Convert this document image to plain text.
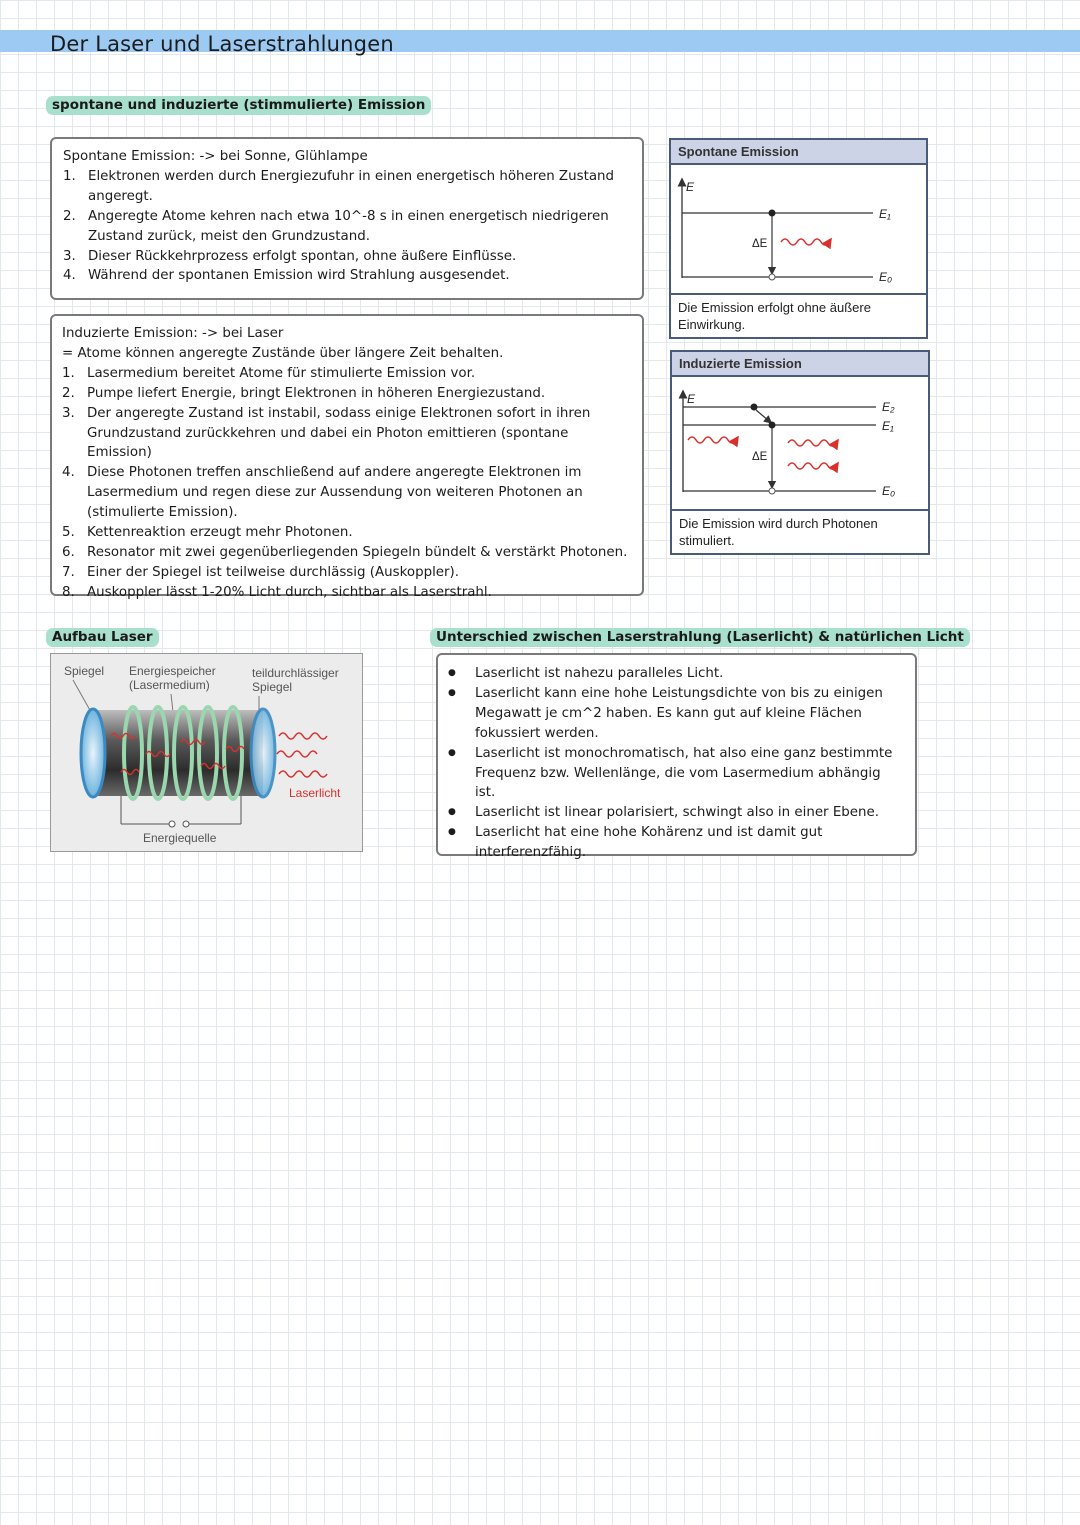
Der Laser und Laserstrahlungen
spontane und induzierte (stimmulierte) Emission

Spontane Emission: -> bei Sonne, Glühlampe

1. Elektronen werden durch Energiezufuhr in einen energetisch höheren Zustand angeregt.
2. Angeregte Atome kehren nach etwa 10^-8 s in einen energetisch niedrigeren Zustand zurück, meist den Grundzustand.
3. Dieser Rückkehrprozess erfolgt spontan, ohne äußere Einflüsse.
4. Während der spontanen Emission wird Strahlung ausgesendet.

Induzierte Emission: -> bei Laser

= Atome können angeregte Zustände über längere Zeit behalten.

1. Lasermedium bereitet Atome für stimulierte Emission vor.
2. Pumpe liefert Energie, bringt Elektronen in höheren Energiezustand.
3. Der angeregte Zustand ist instabil, sodass einige Elektronen sofort in ihren Grundzustand zurückkehren und dabei ein Photon emittieren (spontane Emission)
4. Diese Photonen treffen anschließend auf andere angeregte Elektronen im Lasermedium und regen diese zur Aussendung von weiteren Photonen an (stimulierte Emission).
5. Kettenreaktion erzeugt mehr Photonen.
6. Resonator mit zwei gegenüberliegenden Spiegeln bündelt & verstärkt Photonen.
7. Einer der Spiegel ist teilweise durchlässig (Auskoppler).
8. Auskoppler lässt 1-20% Licht durch, sichtbar als Laserstrahl.
Spontane Emission
E
E₁
E₀
ΔE
Die Emission erfolgt ohne äußere Einwirkung.
Induzierte Emission
E
E₂
E₁
E₀
ΔE
Die Emission wird durch Photonen stimuliert.
Aufbau Laser
Spiegel Energiespeicher
(Lasermedium)
teildurchlässiger
Spiegel
Laserlicht
Energiequelle
Unterschied zwischen Laserstrahlung (Laserlicht) & natürlichen Licht
● Laserlicht ist nahezu paralleles Licht.
● Laserlicht kann eine hohe Leistungsdichte von bis zu einigen Megawatt je cm^2 haben. Es kann gut auf kleine Flächen fokussiert werden.
● Laserlicht ist monochromatisch, hat also eine ganz bestimmte Frequenz bzw. Wellenlänge, die vom Lasermedium abhängig ist.
● Laserlicht ist linear polarisiert, schwingt also in einer Ebene.
● Laserlicht hat eine hohe Kohärenz und ist damit gut interferenzfähig.
